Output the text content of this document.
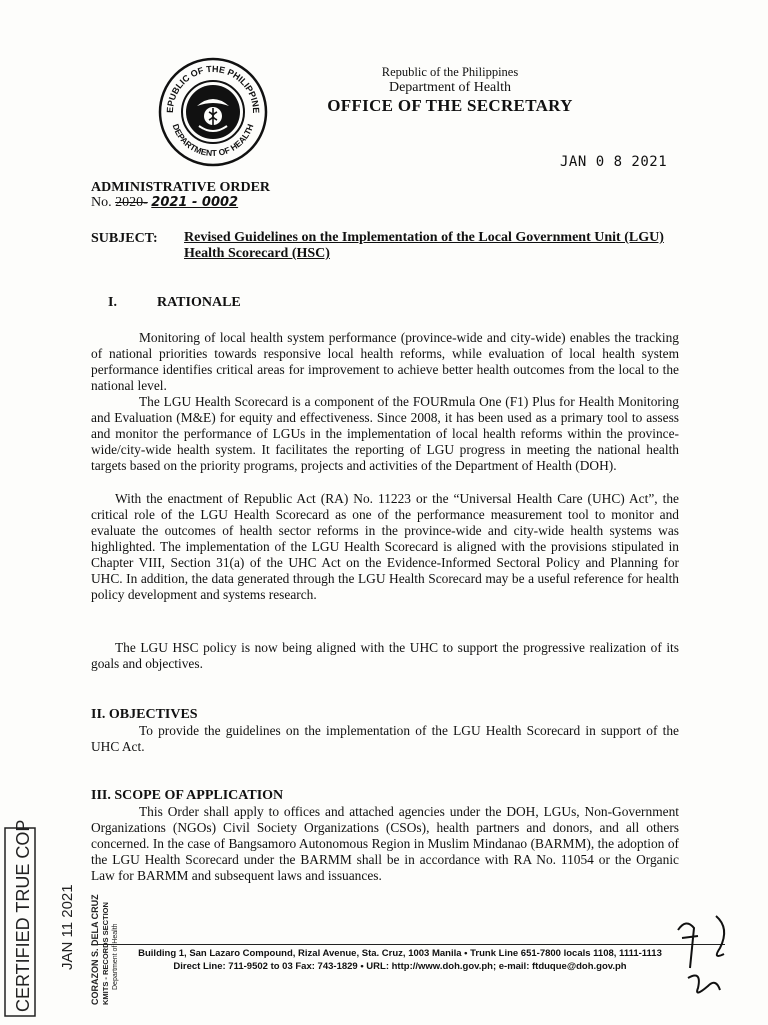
EPUBLIC OF THE PHILIPPINE
DEPARTMENT OF HEALTH
Republic of the Philippines
Department of Health
OFFICE OF THE SECRETARY
JAN 0 8 2021
ADMINISTRATIVE ORDER
No. 2020- 2021 - 0002
SUBJECT: Revised Guidelines on the Implementation of the Local Government Unit (LGU) Health Scorecard (HSC)
I.	RATIONALE
Monitoring of local health system performance (province-wide and city-wide) enables the tracking of national priorities towards responsive local health reforms, while evaluation of local health system performance identifies critical areas for improvement to achieve better health outcomes from the local to the national level.
The LGU Health Scorecard is a component of the FOURmula One (F1) Plus for Health Monitoring and Evaluation (M&E) for equity and effectiveness. Since 2008, it has been used as a primary tool to assess and monitor the performance of LGUs in the implementation of local health reforms within the province-wide/city-wide health system. It facilitates the reporting of LGU progress in meeting the national health targets based on the priority programs, projects and activities of the Department of Health (DOH).
With the enactment of Republic Act (RA) No. 11223 or the “Universal Health Care (UHC) Act”, the critical role of the LGU Health Scorecard as one of the performance measurement tool to monitor and evaluate the outcomes of health sector reforms in the province-wide and city-wide health systems was highlighted. The implementation of the LGU Health Scorecard is aligned with the provisions stipulated in Chapter VIII, Section 31(a) of the UHC Act on the Evidence-Informed Sectoral Policy and Planning for UHC. In addition, the data generated through the LGU Health Scorecard may be a useful reference for health policy development and systems research.
The LGU HSC policy is now being aligned with the UHC to support the progressive realization of its goals and objectives.
II. OBJECTIVES
To provide the guidelines on the implementation of the LGU Health Scorecard in support of the UHC Act.
III. SCOPE OF APPLICATION
This Order shall apply to offices and attached agencies under the DOH, LGUs, Non-Government Organizations (NGOs) Civil Society Organizations (CSOs), health partners and donors, and all others concerned. In the case of Bangsamoro Autonomous Region in Muslim Mindanao (BARMM), the adoption of the LGU Health Scorecard under the BARMM shall be in accordance with RA No. 11054 or the Organic Law for BARMM and subsequent laws and issuances.
Building 1, San Lazaro Compound, Rizal Avenue, Sta. Cruz, 1003 Manila • Trunk Line 651-7800 locals 1108, 1111-1113
Direct Line: 711-9502 to 03 Fax: 743-1829 • URL: http://www.doh.gov.ph; e-mail: ftduque@doh.gov.ph
CERTIFIED TRUE COPY JAN 11 2021 CORAZON S. DELA CRUZ KMITS - RECORDS SECTION Department of Health
